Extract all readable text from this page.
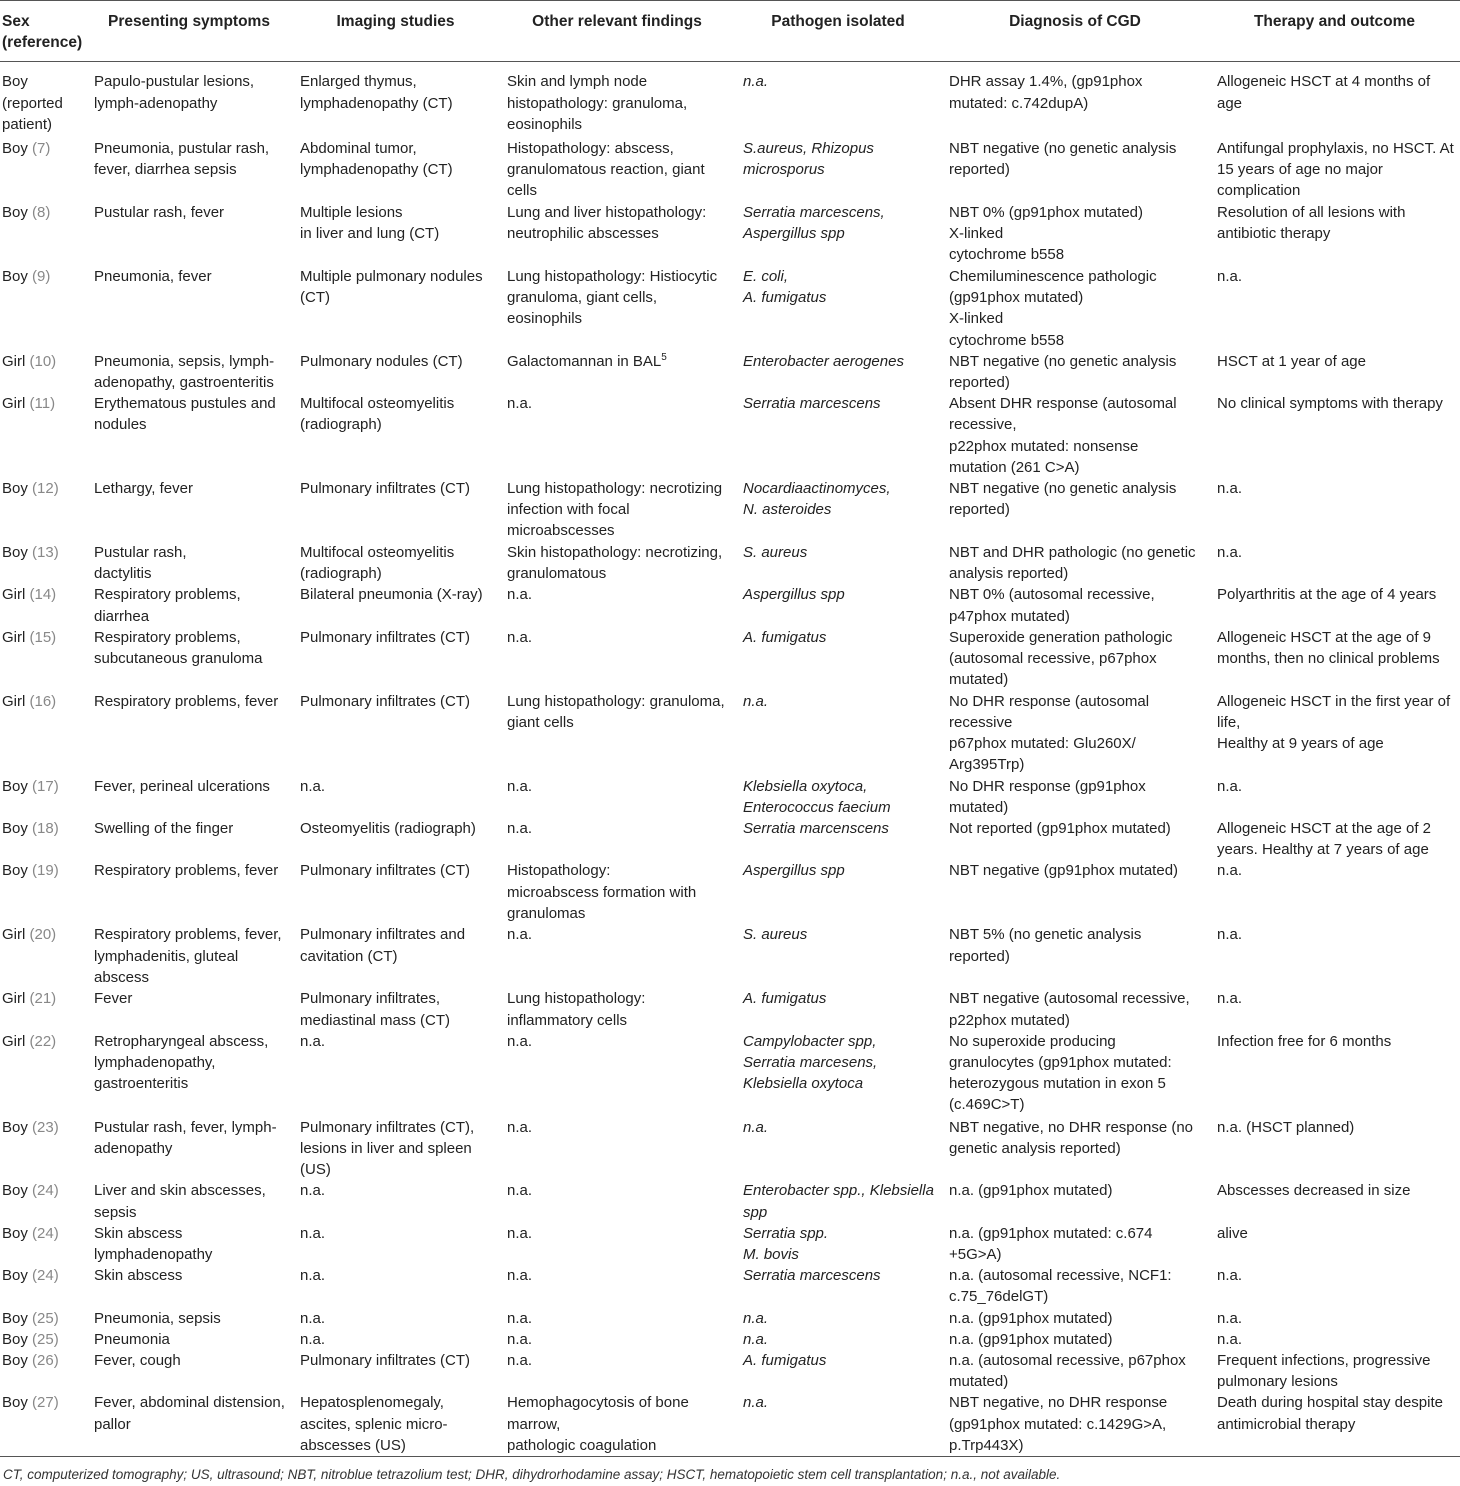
Sex
(reference)	Presenting symptoms	Imaging studies	Other relevant findings	Pathogen isolated	Diagnosis of CGD	Therapy and outcome
Boy
(reported
patient)	Papulo-pustular lesions,
lymph-adenopathy	Enlarged thymus,
lymphadenopathy (CT)	Skin and lymph node
histopathology: granuloma,
eosinophils	n.a.	DHR assay 1.4%, (gp91phox
mutated: c.742dupA)	Allogeneic HSCT at 4 months of
age
Boy (7)	Pneumonia, pustular rash,
fever, diarrhea sepsis	Abdominal tumor,
lymphadenopathy (CT)	Histopathology: abscess,
granulomatous reaction, giant
cells	S.aureus, Rhizopus
microsporus	NBT negative (no genetic analysis
reported)	Antifungal prophylaxis, no HSCT. At
15 years of age no major
complication
Boy (8)	Pustular rash, fever	Multiple lesions
in liver and lung (CT)	Lung and liver histopathology:
neutrophilic abscesses	Serratia marcescens,
Aspergillus spp	NBT 0% (gp91phox mutated)
X-linked
cytochrome b558	Resolution of all lesions with
antibiotic therapy
Boy (9)	Pneumonia, fever	Multiple pulmonary nodules
(CT)	Lung histopathology: Histiocytic
granuloma, giant cells,
eosinophils	E. coli,
A. fumigatus	Chemiluminescence pathologic
(gp91phox mutated)
X-linked
cytochrome b558	n.a.
Girl (10)	Pneumonia, sepsis, lymph-
adenopathy, gastroenteritis	Pulmonary nodules (CT)	Galactomannan in BAL$^5$	Enterobacter aerogenes	NBT negative (no genetic analysis
reported)	HSCT at 1 year of age
Girl (11)	Erythematous pustules and
nodules	Multifocal osteomyelitis
(radiograph)	n.a.	Serratia marcescens	Absent DHR response (autosomal
recessive,
p22phox mutated: nonsense
mutation (261 C>A)	No clinical symptoms with therapy
Boy (12)	Lethargy, fever	Pulmonary infiltrates (CT)	Lung histopathology: necrotizing
infection with focal
microabscesses	Nocardiaactinomyces,
N. asteroides	NBT negative (no genetic analysis
reported)	n.a.
Boy (13)	Pustular rash,
dactylitis	Multifocal osteomyelitis
(radiograph)	Skin histopathology: necrotizing,
granulomatous	S. aureus	NBT and DHR pathologic (no genetic
analysis reported)	n.a.
Girl (14)	Respiratory problems,
diarrhea	Bilateral pneumonia (X-ray)	n.a.	Aspergillus spp	NBT 0% (autosomal recessive,
p47phox mutated)	Polyarthritis at the age of 4 years
Girl (15)	Respiratory problems,
subcutaneous granuloma	Pulmonary infiltrates (CT)	n.a.	A. fumigatus	Superoxide generation pathologic
(autosomal recessive, p67phox
mutated)	Allogeneic HSCT at the age of 9
months, then no clinical problems
Girl (16)	Respiratory problems, fever	Pulmonary infiltrates (CT)	Lung histopathology: granuloma,
giant cells	n.a.	No DHR response (autosomal
recessive
p67phox mutated: Glu260X/
Arg395Trp)	Allogeneic HSCT in the first year of
life,
Healthy at 9 years of age
Boy (17)	Fever, perineal ulcerations	n.a.	n.a.	Klebsiella oxytoca,
Enterococcus faecium	No DHR response (gp91phox
mutated)	n.a.
Boy (18)	Swelling of the finger	Osteomyelitis (radiograph)	n.a.	Serratia marcenscens	Not reported (gp91phox mutated)	Allogeneic HSCT at the age of 2
years. Healthy at 7 years of age
Boy (19)	Respiratory problems, fever	Pulmonary infiltrates (CT)	Histopathology:
microabscess formation with
granulomas	Aspergillus spp	NBT negative (gp91phox mutated)	n.a.
Girl (20)	Respiratory problems, fever,
lymphadenitis, gluteal
abscess	Pulmonary infiltrates and
cavitation (CT)	n.a.	S. aureus	NBT 5% (no genetic analysis
reported)	n.a.
Girl (21)	Fever	Pulmonary infiltrates,
mediastinal mass (CT)	Lung histopathology:
inflammatory cells	A. fumigatus	NBT negative (autosomal recessive,
p22phox mutated)	n.a.
Girl (22)	Retropharyngeal abscess,
lymphadenopathy,
gastroenteritis	n.a.	n.a.	Campylobacter spp,
Serratia marcesens,
Klebsiella oxytoca	No superoxide producing
granulocytes (gp91phox mutated:
heterozygous mutation in exon 5
(c.469C>T)	Infection free for 6 months
Boy (23)	Pustular rash, fever, lymph-
adenopathy	Pulmonary infiltrates (CT),
lesions in liver and spleen (US)	n.a.	n.a.	NBT negative, no DHR response (no
genetic analysis reported)	n.a. (HSCT planned)
Boy (24)	Liver and skin abscesses,
sepsis	n.a.	n.a.	Enterobacter spp., Klebsiella
spp	n.a. (gp91phox mutated)	Abscesses decreased in size
Boy (24)	Skin abscess
lymphadenopathy	n.a.	n.a.	Serratia spp.
M. bovis	n.a. (gp91phox mutated: c.674
+5G>A)	alive
Boy (24)	Skin abscess	n.a.	n.a.	Serratia marcescens	n.a. (autosomal recessive, NCF1:
c.75_76delGT)	n.a.
Boy (25)	Pneumonia, sepsis	n.a.	n.a.	n.a.	n.a. (gp91phox mutated)	n.a.
Boy (25)	Pneumonia	n.a.	n.a.	n.a.	n.a. (gp91phox mutated)	n.a.
Boy (26)	Fever, cough	Pulmonary infiltrates (CT)	n.a.	A. fumigatus	n.a. (autosomal recessive, p67phox
mutated)	Frequent infections, progressive
pulmonary lesions
Boy (27)	Fever, abdominal distension,
pallor	Hepatosplenomegaly,
ascites, splenic micro-
abscesses (US)	Hemophagocytosis of bone
marrow,
pathologic coagulation	n.a.	NBT negative, no DHR response
(gp91phox mutated: c.1429G>A,
p.Trp443X)	Death during hospital stay despite
antimicrobial therapy

CT, computerized tomography; US, ultrasound; NBT, nitroblue tetrazolium test; DHR, dihydrorhodamine assay; HSCT, hematopoietic stem cell transplantation; n.a., not available.						
